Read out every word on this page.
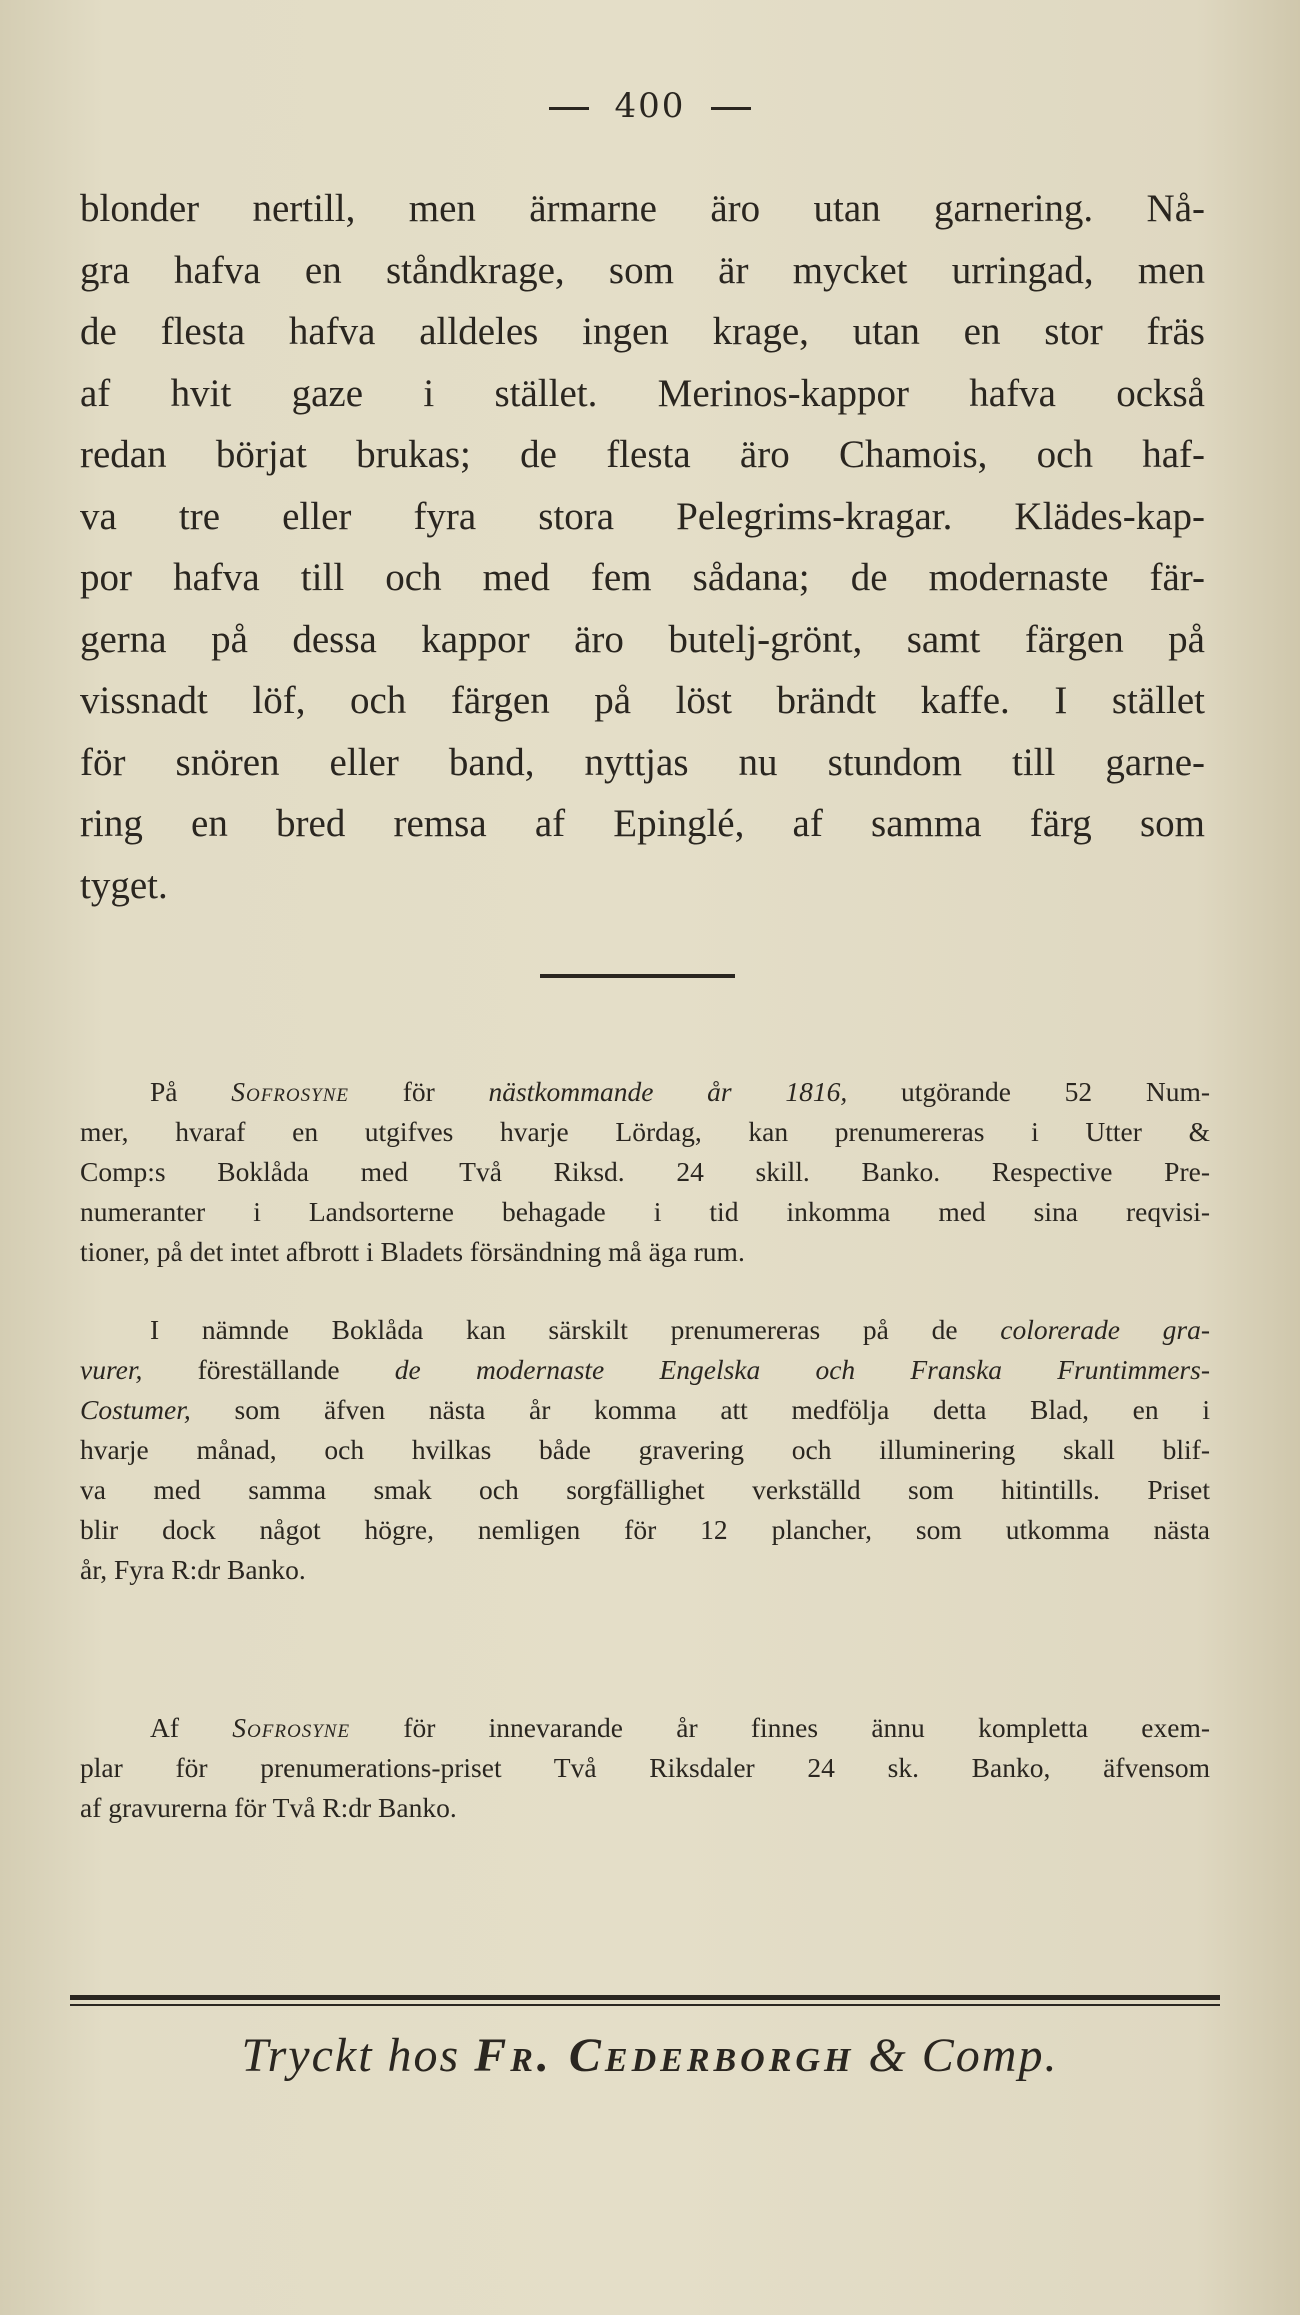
400
blonder nertill, men ärmarne äro utan garnering. Nå-
gra hafva en ståndkrage, som är mycket urringad, men
de flesta hafva alldeles ingen krage, utan en stor fräs
af hvit gaze i stället. Merinos-kappor hafva också
redan börjat brukas; de flesta äro Chamois, och haf-
va tre eller fyra stora Pelegrims-kragar. Klädes-kap-
por hafva till och med fem sådana; de modernaste fär-
gerna på dessa kappor äro butelj-grönt, samt färgen på
vissnadt löf, och färgen på löst brändt kaffe. I stället
för snören eller band, nyttjas nu stundom till garne-
ring en bred remsa af Epinglé, af samma färg som
tyget.
På Sofrosyne för nästkommande år 1816, utgörande 52 Num-
mer, hvaraf en utgifves hvarje Lördag, kan prenumereras i Utter &
Comp:s Boklåda med Två Riksd. 24 skill. Banko. Respective Pre-
numeranter i Landsorterne behagade i tid inkomma med sina reqvisi-
tioner, på det intet afbrott i Bladets försändning må äga rum.
I nämnde Boklåda kan särskilt prenumereras på de colorerade gra-
vurer, föreställande de modernaste Engelska och Franska Fruntimmers-
Costumer, som äfven nästa år komma att medfölja detta Blad, en i
hvarje månad, och hvilkas både gravering och illuminering skall blif-
va med samma smak och sorgfällighet verkställd som hitintills. Priset
blir dock något högre, nemligen för 12 plancher, som utkomma nästa
år, Fyra R:dr Banko.
Af Sofrosyne för innevarande år finnes ännu kompletta exem-
plar för prenumerations-priset Två Riksdaler 24 sk. Banko, äfvensom
af gravurerna för Två R:dr Banko.
Tryckt hos Fr. Cederborgh & Comp.
